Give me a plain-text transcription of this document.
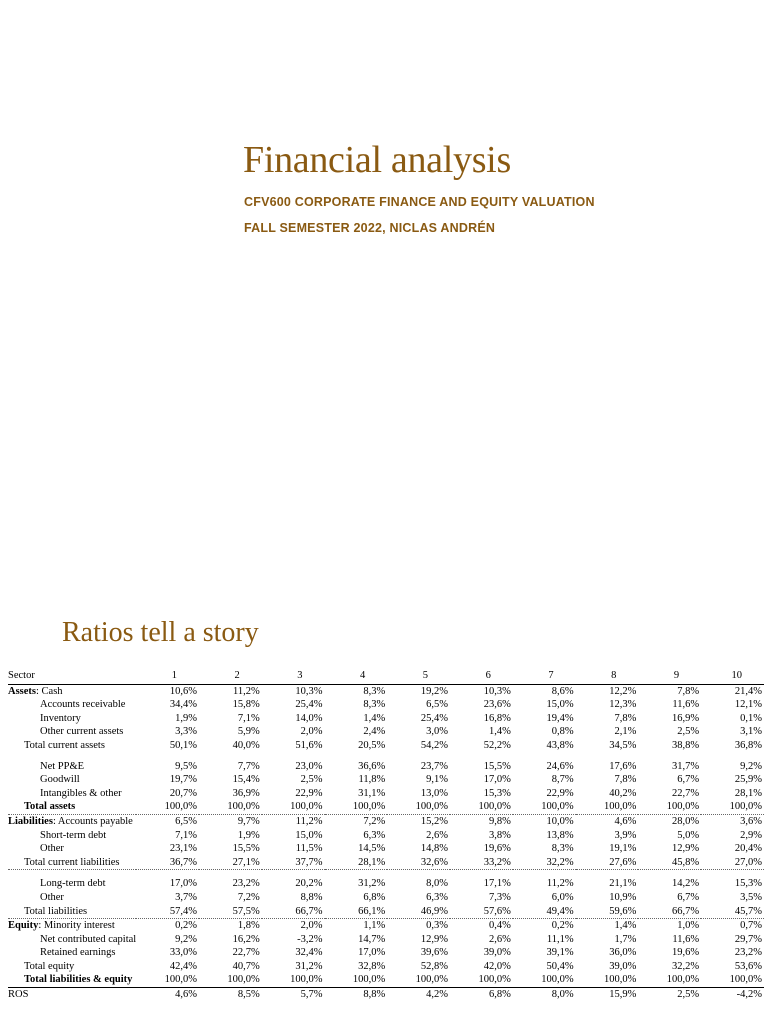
Financial analysis
CFV600 CORPORATE FINANCE AND EQUITY VALUATION
FALL SEMESTER 2022, NICLAS ANDRÉN
Ratios tell a story
Sector	1	2	3	4	5	6	7	8	9	10
Assets: Cash	10,6%	11,2%	10,3%	8,3%	19,2%	10,3%	8,6%	12,2%	7,8%	21,4%
Accounts receivable	34,4%	15,8%	25,4%	8,3%	6,5%	23,6%	15,0%	12,3%	11,6%	12,1%
Inventory	1,9%	7,1%	14,0%	1,4%	25,4%	16,8%	19,4%	7,8%	16,9%	0,1%
Other current assets	3,3%	5,9%	2,0%	2,4%	3,0%	1,4%	0,8%	2,1%	2,5%	3,1%
Total current assets	50,1%	40,0%	51,6%	20,5%	54,2%	52,2%	43,8%	34,5%	38,8%	36,8%

Net PP&E	9,5%	7,7%	23,0%	36,6%	23,7%	15,5%	24,6%	17,6%	31,7%	9,2%
Goodwill	19,7%	15,4%	2,5%	11,8%	9,1%	17,0%	8,7%	7,8%	6,7%	25,9%
Intangibles & other	20,7%	36,9%	22,9%	31,1%	13,0%	15,3%	22,9%	40,2%	22,7%	28,1%
Total assets	100,0%	100,0%	100,0%	100,0%	100,0%	100,0%	100,0%	100,0%	100,0%	100,0%
Liabilities: Accounts payable	6,5%	9,7%	11,2%	7,2%	15,2%	9,8%	10,0%	4,6%	28,0%	3,6%
Short-term debt	7,1%	1,9%	15,0%	6,3%	2,6%	3,8%	13,8%	3,9%	5,0%	2,9%
Other	23,1%	15,5%	11,5%	14,5%	14,8%	19,6%	8,3%	19,1%	12,9%	20,4%
Total current liabilities	36,7%	27,1%	37,7%	28,1%	32,6%	33,2%	32,2%	27,6%	45,8%	27,0%

Long-term debt	17,0%	23,2%	20,2%	31,2%	8,0%	17,1%	11,2%	21,1%	14,2%	15,3%
Other	3,7%	7,2%	8,8%	6,8%	6,3%	7,3%	6,0%	10,9%	6,7%	3,5%
Total liabilities	57,4%	57,5%	66,7%	66,1%	46,9%	57,6%	49,4%	59,6%	66,7%	45,7%
Equity: Minority interest	0,2%	1,8%	2,0%	1,1%	0,3%	0,4%	0,2%	1,4%	1,0%	0,7%
Net contributed capital	9,2%	16,2%	-3,2%	14,7%	12,9%	2,6%	11,1%	1,7%	11,6%	29,7%
Retained earnings	33,0%	22,7%	32,4%	17,0%	39,6%	39,0%	39,1%	36,0%	19,6%	23,2%
Total equity	42,4%	40,7%	31,2%	32,8%	52,8%	42,0%	50,4%	39,0%	32,2%	53,6%
Total liabilities & equity	100,0%	100,0%	100,0%	100,0%	100,0%	100,0%	100,0%	100,0%	100,0%	100,0%
ROS	4,6%	8,5%	5,7%	8,8%	4,2%	6,8%	8,0%	15,9%	2,5%	-4,2%
